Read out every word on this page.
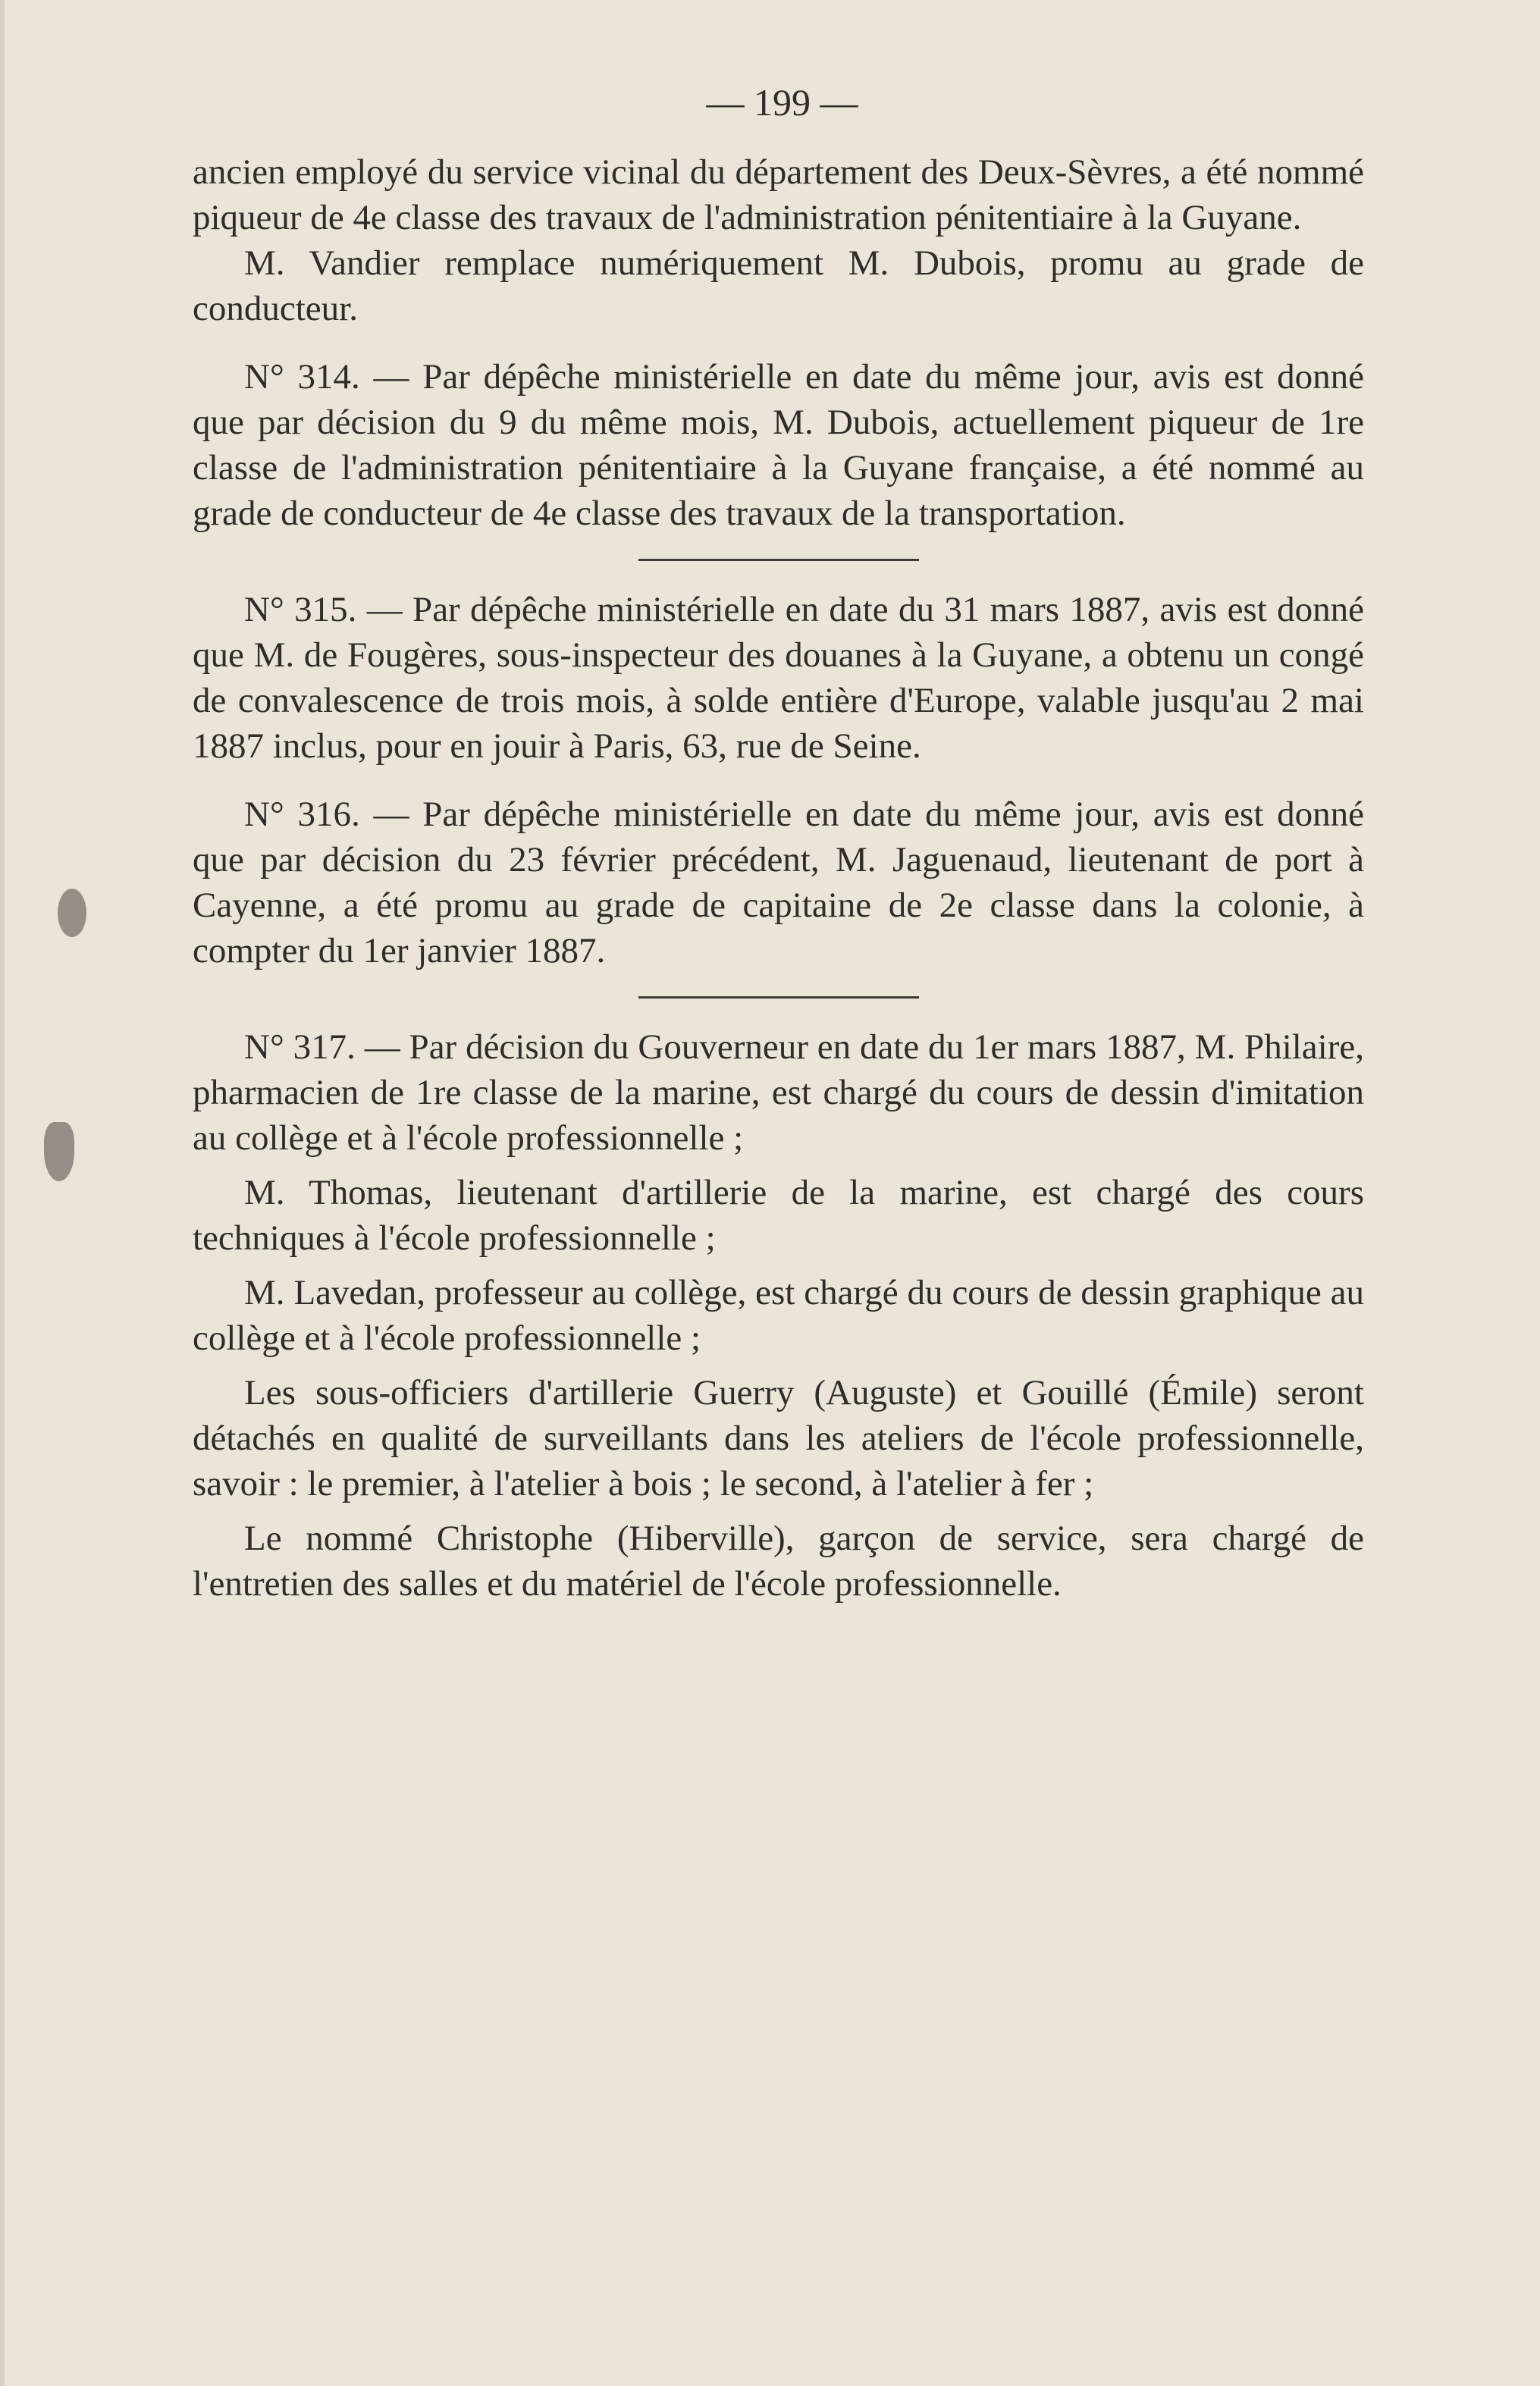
— 199 —

ancien employé du service vicinal du département des Deux-Sèvres, a été nommé piqueur de 4e classe des travaux de l'administration pénitentiaire à la Guyane.

M. Vandier remplace numériquement M. Dubois, promu au grade de conducteur.

N° 314. — Par dépêche ministérielle en date du même jour, avis est donné que par décision du 9 du même mois, M. Dubois, actuellement piqueur de 1re classe de l'administration pénitentiaire à la Guyane française, a été nommé au grade de conducteur de 4e classe des travaux de la transportation.

N° 315. — Par dépêche ministérielle en date du 31 mars 1887, avis est donné que M. de Fougères, sous-inspecteur des douanes à la Guyane, a obtenu un congé de convalescence de trois mois, à solde entière d'Europe, valable jusqu'au 2 mai 1887 inclus, pour en jouir à Paris, 63, rue de Seine.

N° 316. — Par dépêche ministérielle en date du même jour, avis est donné que par décision du 23 février précédent, M. Jaguenaud, lieutenant de port à Cayenne, a été promu au grade de capitaine de 2e classe dans la colonie, à compter du 1er janvier 1887.

N° 317. — Par décision du Gouverneur en date du 1er mars 1887, M. Philaire, pharmacien de 1re classe de la marine, est chargé du cours de dessin d'imitation au collège et à l'école professionnelle ;

M. Thomas, lieutenant d'artillerie de la marine, est chargé des cours techniques à l'école professionnelle ;

M. Lavedan, professeur au collège, est chargé du cours de dessin graphique au collège et à l'école professionnelle ;

Les sous-officiers d'artillerie Guerry (Auguste) et Gouillé (Émile) seront détachés en qualité de surveillants dans les ateliers de l'école professionnelle, savoir : le premier, à l'atelier à bois ; le second, à l'atelier à fer ;

Le nommé Christophe (Hiberville), garçon de service, sera chargé de l'entretien des salles et du matériel de l'école professionnelle.
